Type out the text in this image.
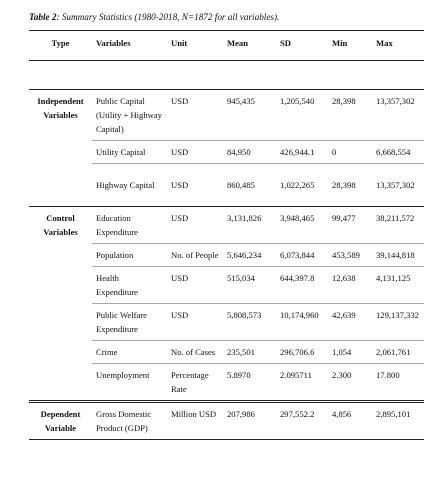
Table 2: Summary Statistics (1980-2018, N=1872 for all variables).
Type	Variables	Unit	Mean	SD	Min	Max

Independent Variables	Public Capital (Utility + Highway Capital)	USD	945,435	1,205,540	28,398	13,357,302
	Utility Capital	USD	84,950	426,944.1	0	6,668,554
	Highway Capital	USD	860,485	1,022,265	28,398	13,357,302
Control Variables	Education Expenditure	USD	3,131,826	3,948,465	99,477	38,211,572
	Population	No. of People	5,646,234	6,073,844	453,589	39,144,818
	Health Expenditure	USD	515,034	644,397.8	12,638	4,131,125
	Public Welfare Expenditure	USD	5,808,573	10,174,960	42,639	129,137,332
	Crime	No. of Cases	235,501	296,706.6	1,054	2,061,761
	Unemployment	Percentage Rate	5.8970	2.095711	2.300	17.800
Dependent Variable	Gross Domestic Product (GDP)	Million USD	207,986	297,552.2	4,856	2,895,101
